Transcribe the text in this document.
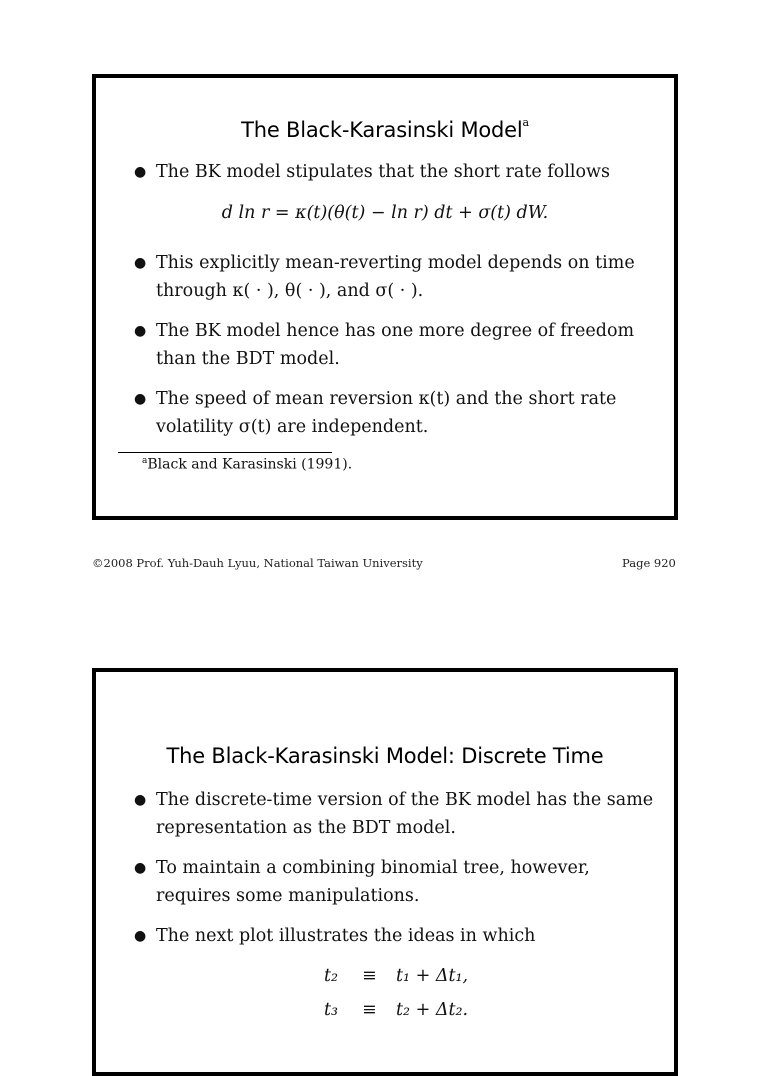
The Black-Karasinski Model$^a$
● The BK model stipulates that the short rate follows
d ln r = κ(t)(θ(t) − ln r) dt + σ(t) dW.
● This explicitly mean-reverting model depends on time
through κ( · ), θ( · ), and σ( · ).
● The BK model hence has one more degree of freedom
than the BDT model.
● The speed of mean reversion κ(t) and the short rate
volatility σ(t) are independent.
$^a$Black and Karasinski (1991).
©2008 Prof. Yuh-Dauh Lyuu, National Taiwan University	Page 920
The Black-Karasinski Model: Discrete Time
● The discrete-time version of the BK model has the same
representation as the BDT model.
● To maintain a combining binomial tree, however,
requires some manipulations.
● The next plot illustrates the ideas in which
t₂ ≡ t₁ + Δt₁,
t₃ ≡ t₂ + Δt₂.
